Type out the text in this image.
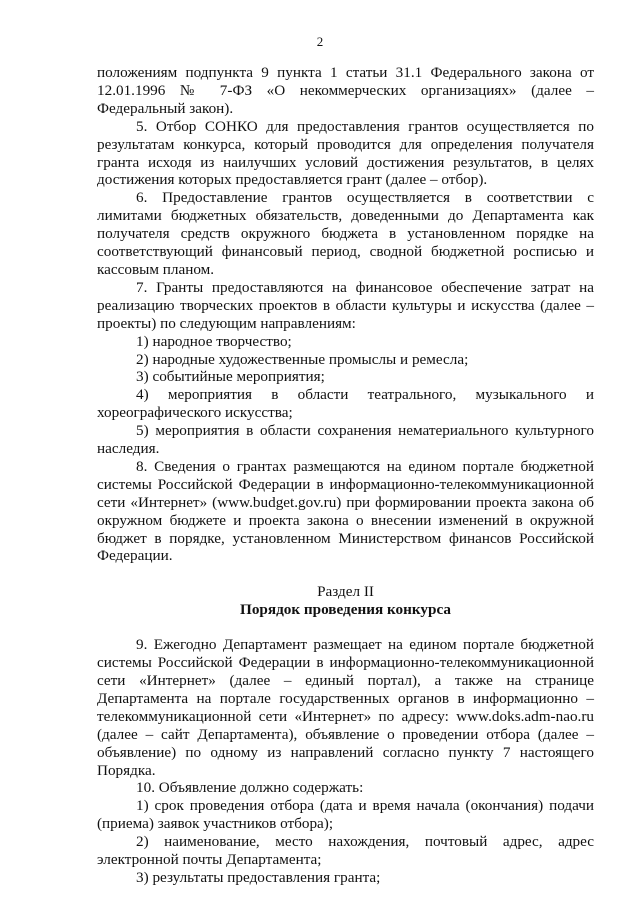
2

положениям подпункта 9 пункта 1 статьи 31.1 Федерального закона от 12.01.1996 № 7-ФЗ «О некоммерческих организациях» (далее – Федеральный закон).

5. Отбор СОНКО для предоставления грантов осуществляется по результатам конкурса, который проводится для определения получателя гранта исходя из наилучших условий достижения результатов, в целях достижения которых предоставляется грант (далее – отбор).

6. Предоставление грантов осуществляется в соответствии с лимитами бюджетных обязательств, доведенными до Департамента как получателя средств окружного бюджета в установленном порядке на соответствующий финансовый период, сводной бюджетной росписью и кассовым планом.

7. Гранты предоставляются на финансовое обеспечение затрат на реализацию творческих проектов в области культуры и искусства (далее – проекты) по следующим направлениям:

1) народное творчество;

2) народные художественные промыслы и ремесла;

3) событийные мероприятия;

4) мероприятия в области театрального, музыкального и хореографического искусства;

5) мероприятия в области сохранения нематериального культурного наследия.

8. Сведения о грантах размещаются на едином портале бюджетной системы Российской Федерации в информационно-телекоммуникационной сети «Интернет» (www.budget.gov.ru) при формировании проекта закона об окружном бюджете и проекта закона о внесении изменений в окружной бюджет в порядке, установленном Министерством финансов Российской Федерации.

Раздел II

Порядок проведения конкурса

9. Ежегодно Департамент размещает на едином портале бюджетной системы Российской Федерации в информационно-телекоммуникационной сети «Интернет» (далее – единый портал), а также на странице Департамента на портале государственных органов в информационно – телекоммуникационной сети «Интернет» по адресу: www.doks.adm-nao.ru (далее – сайт Департамента), объявление о проведении отбора (далее – объявление) по одному из направлений согласно пункту 7 настоящего Порядка.

10. Объявление должно содержать:

1) срок проведения отбора (дата и время начала (окончания) подачи (приема) заявок участников отбора);

2) наименование, место нахождения, почтовый адрес, адрес электронной почты Департамента;

3) результаты предоставления гранта;
